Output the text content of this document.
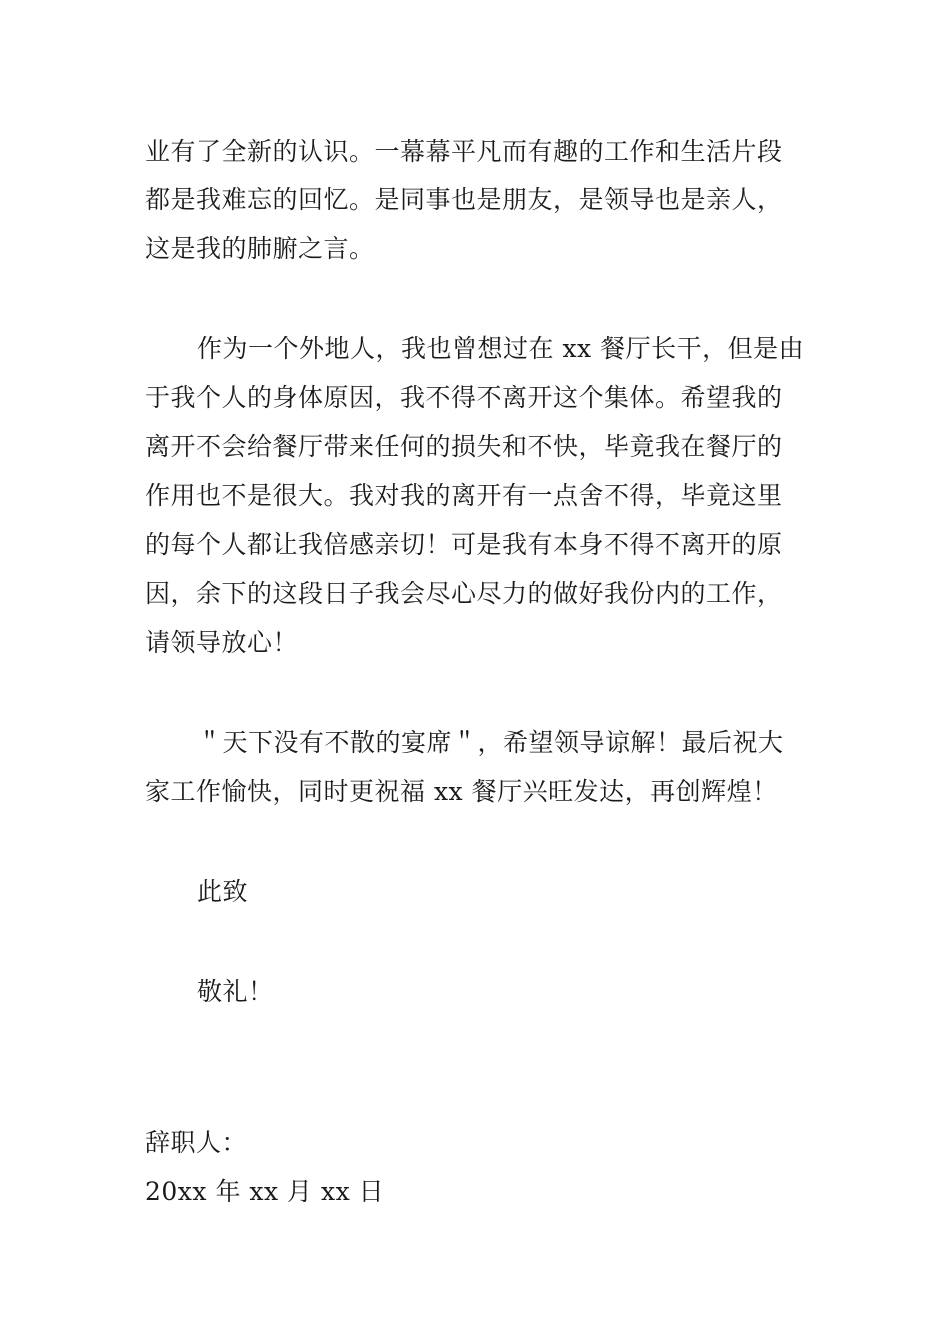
业有了全新的认识。一幕幕平凡而有趣的工作和生活片段
都是我难忘的回忆。是同事也是朋友，是领导也是亲人，
这是我的肺腑之言。
作为一个外地人，我也曾想过在 xx 餐厅长干，但是由
于我个人的身体原因，我不得不离开这个集体。希望我的
离开不会给餐厅带来任何的损失和不快，毕竟我在餐厅的
作用也不是很大。我对我的离开有一点舍不得，毕竟这里
的每个人都让我倍感亲切！可是我有本身不得不离开的原
因，余下的这段日子我会尽心尽力的做好我份内的工作，
请领导放心！
＂天下没有不散的宴席＂，希望领导谅解！最后祝大
家工作愉快，同时更祝福 xx 餐厅兴旺发达，再创辉煌！
此致
敬礼！
辞职人：
20xx 年 xx 月 xx 日
